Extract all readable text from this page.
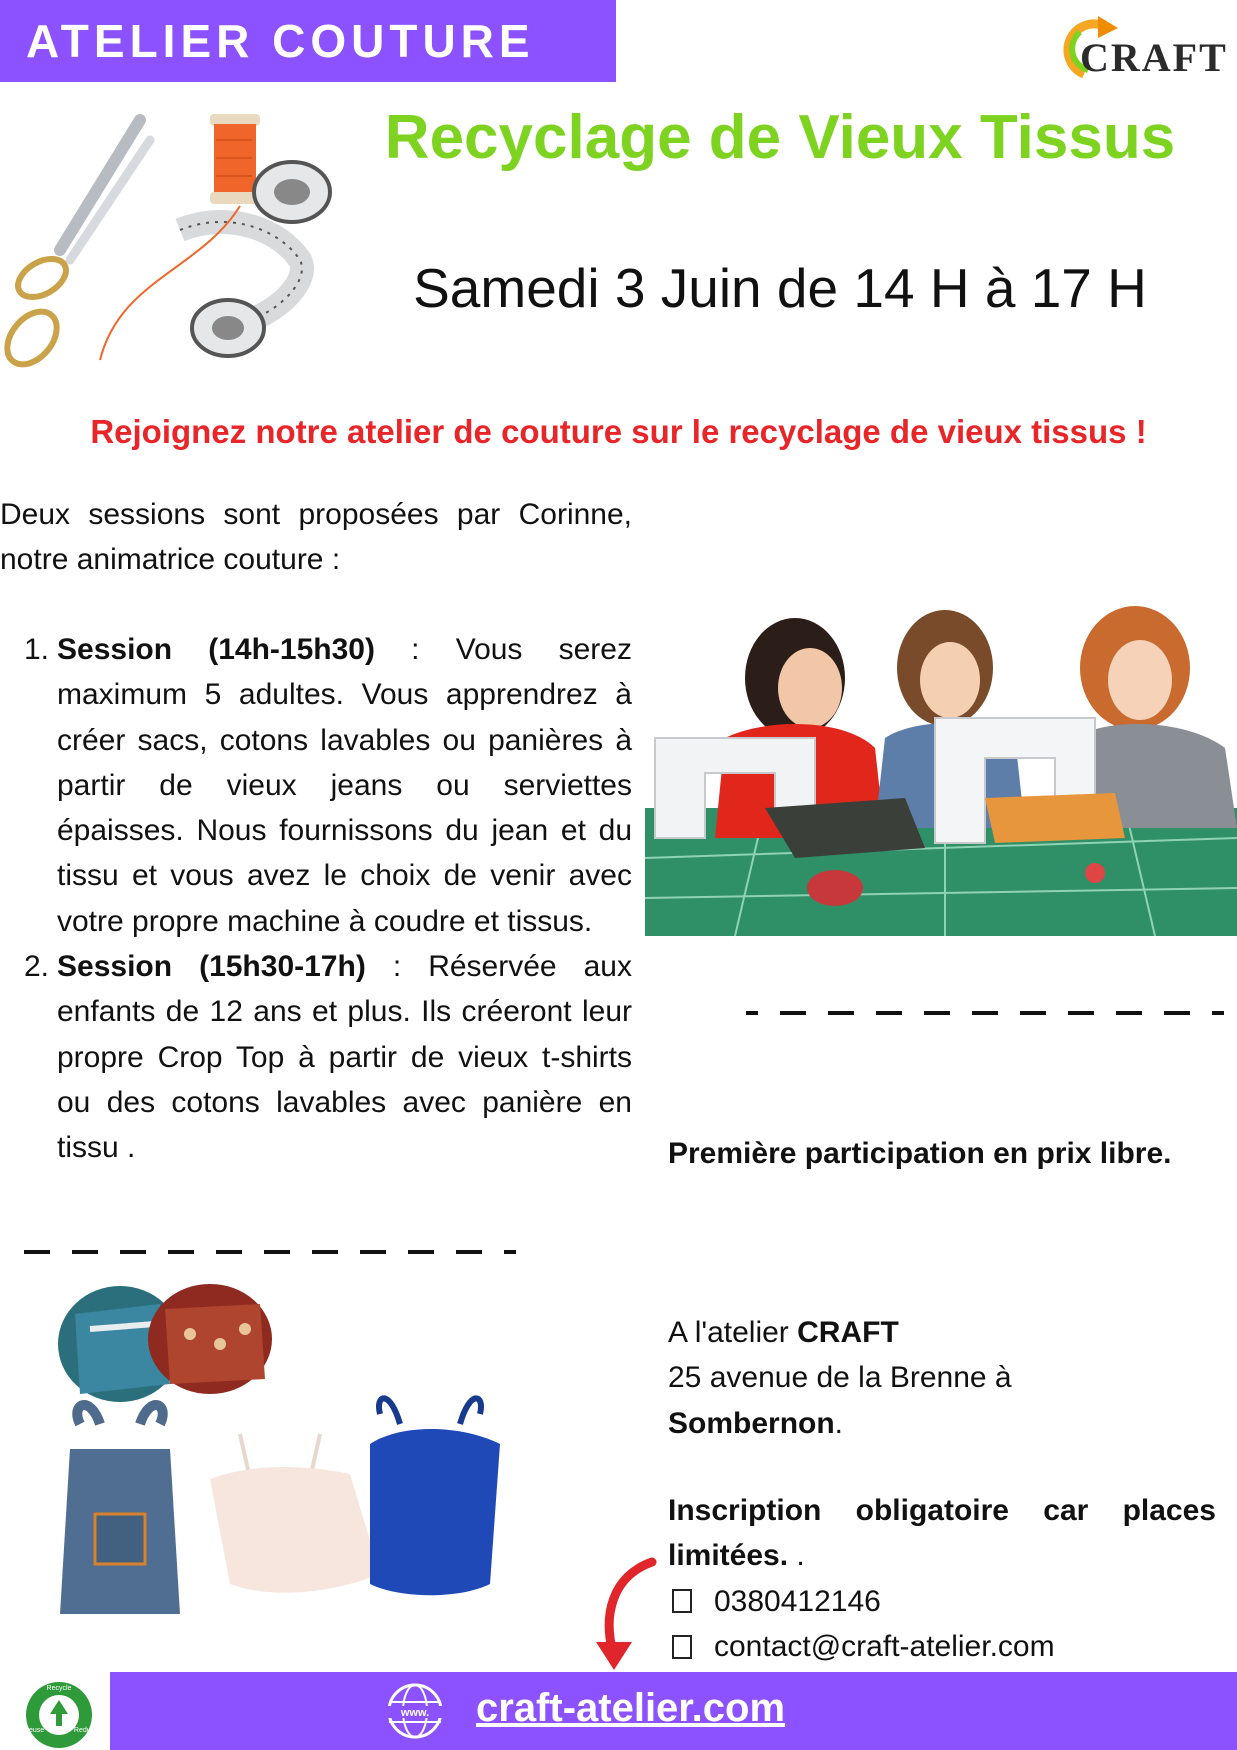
ATELIER COUTURE	CRAFT
Recyclage de Vieux Tissus
Samedi 3 Juin de 14 H à 17 H
Rejoignez notre atelier de couture sur le recyclage de vieux tissus !

Deux sessions sont proposées par Corinne, notre animatrice couture :

1. Session (14h-15h30) : Vous serez maximum 5 adultes. Vous apprendrez à créer sacs, cotons lavables ou panières à partir de vieux jeans ou serviettes épaisses. Nous fournissons du jean et du tissu et vous avez le choix de venir avec votre propre machine à coudre et tissus.

2. Session (15h30-17h) : Réservée aux enfants de 12 ans et plus. Ils créeront leur propre Crop Top à partir de vieux t-shirts ou des cotons lavables avec panière en tissu .	Première participation en prix libre.

A l'atelier CRAFT
25 avenue de la Brenne à
Sombernon.

Inscription obligatoire car places limitées. .

0380412146

contact@craft-atelier.com

www. craft-atelier.com
Recycle
Reduce
Reuse
